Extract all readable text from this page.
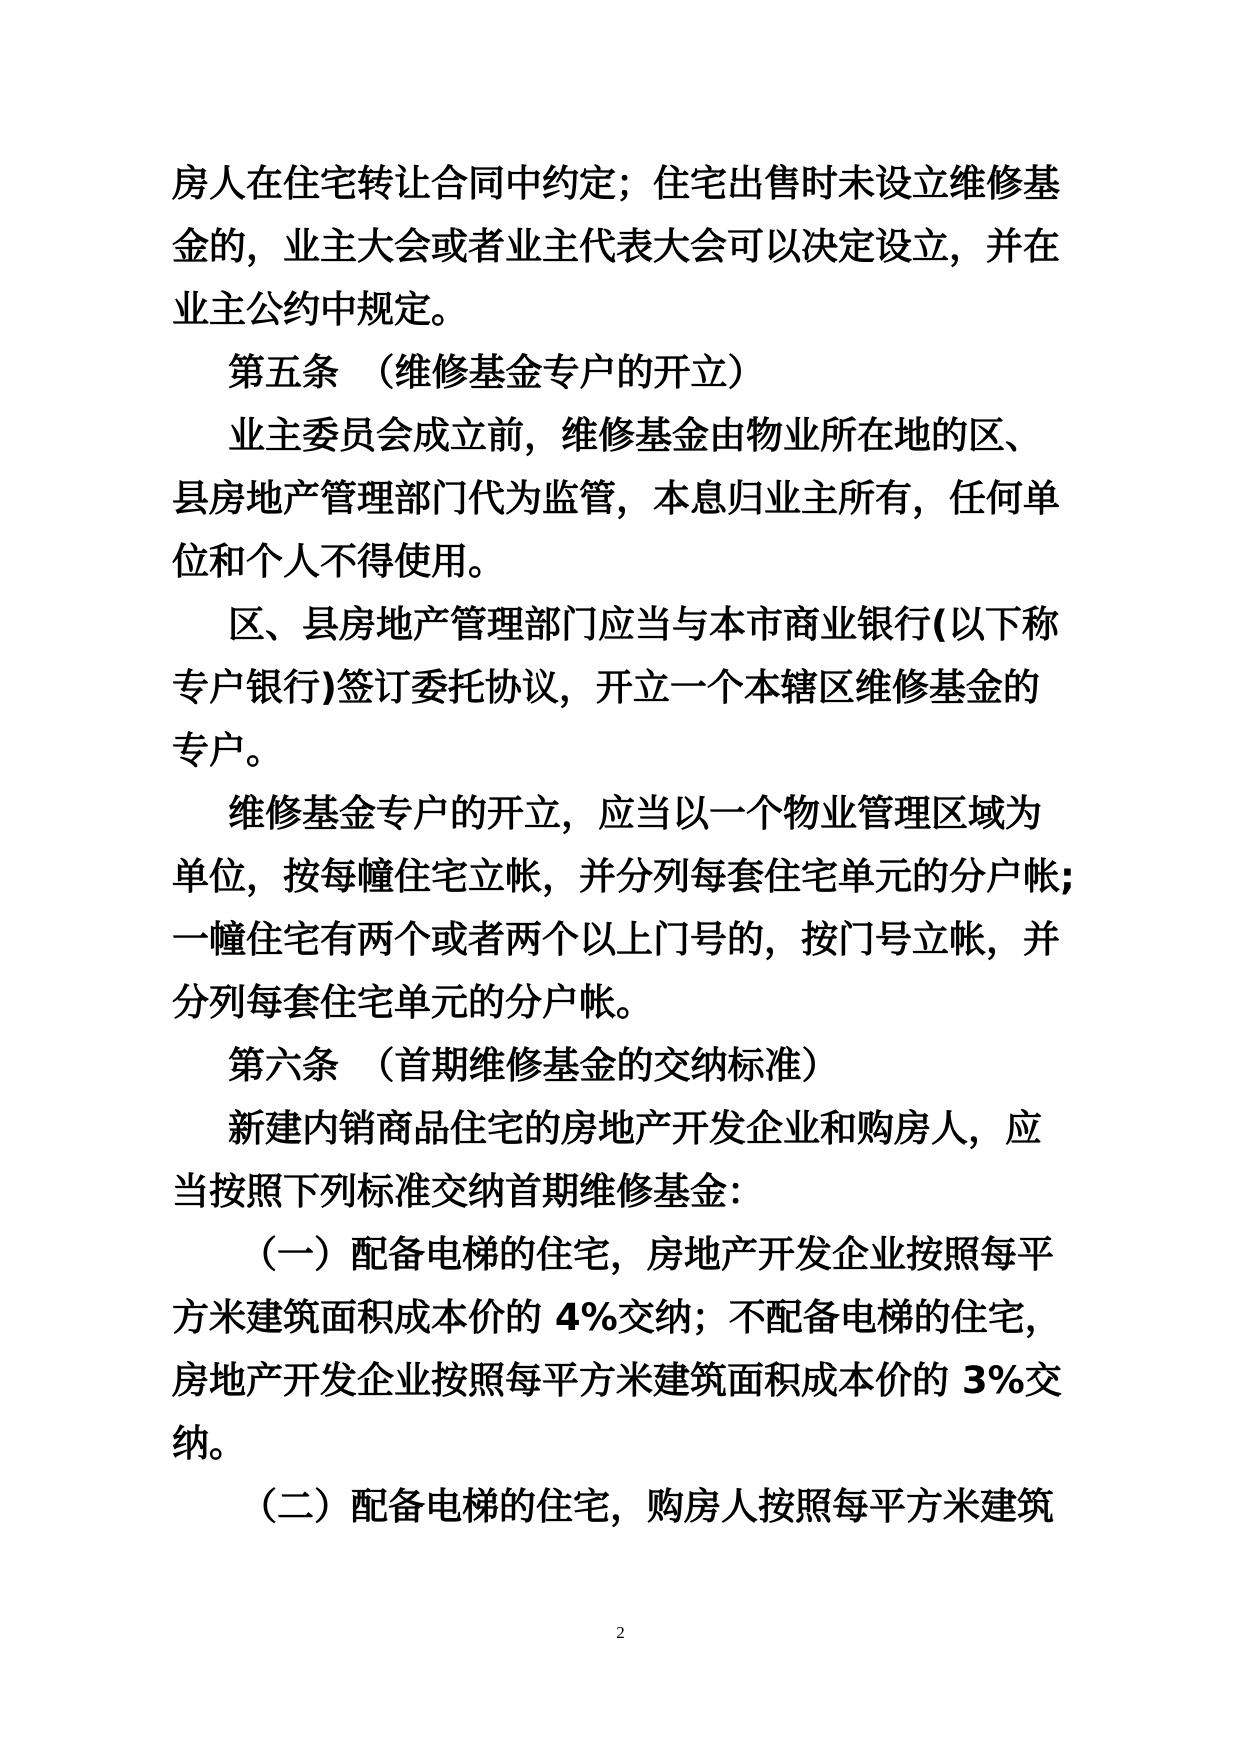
房人在住宅转让合同中约定；住宅出售时未设立维修基
金的，业主大会或者业主代表大会可以决定设立，并在
业主公约中规定。
第五条　（维修基金专户的开立）
业主委员会成立前，维修基金由物业所在地的区、
县房地产管理部门代为监管，本息归业主所有，任何单
位和个人不得使用。
区、县房地产管理部门应当与本市商业银行(以下称
专户银行)签订委托协议，开立一个本辖区维修基金的
专户。
维修基金专户的开立，应当以一个物业管理区域为
单位，按每幢住宅立帐，并分列每套住宅单元的分户帐;
一幢住宅有两个或者两个以上门号的，按门号立帐，并
分列每套住宅单元的分户帐。
第六条　（首期维修基金的交纳标准）
新建内销商品住宅的房地产开发企业和购房人，应
当按照下列标准交纳首期维修基金：
（一）配备电梯的住宅，房地产开发企业按照每平
方米建筑面积成本价的 4%交纳；不配备电梯的住宅，
房地产开发企业按照每平方米建筑面积成本价的 3%交
纳。
（二）配备电梯的住宅，购房人按照每平方米建筑
2
